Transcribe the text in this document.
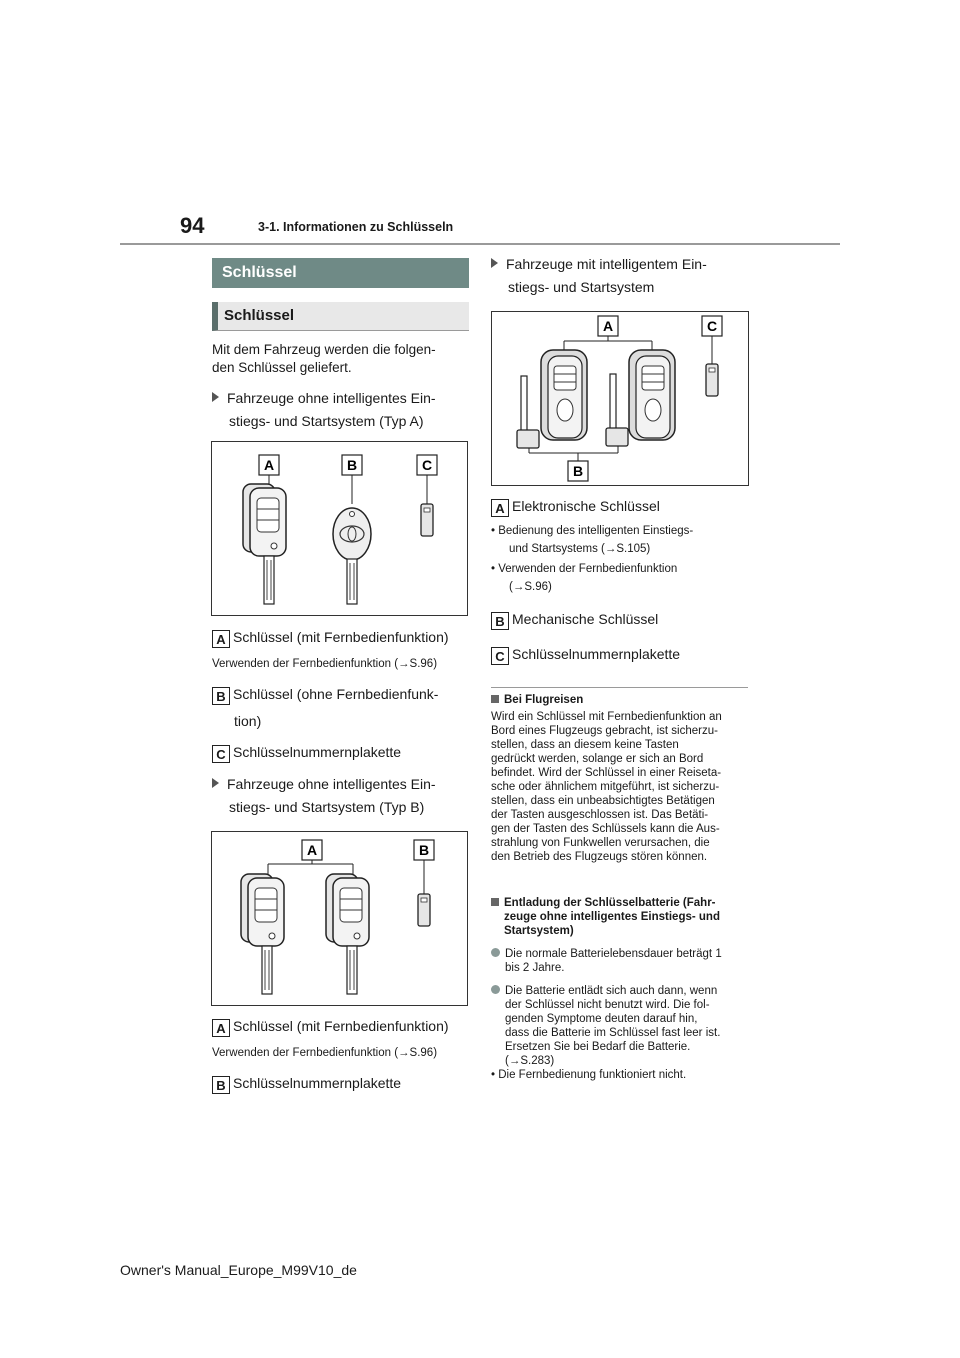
94	3-1. Informationen zu Schlüsseln
Schlüssel
Schlüssel
Mit dem Fahrzeug werden die folgen-
den Schlüssel geliefert.
Fahrzeuge ohne intelligentes Ein-
stiegs- und Startsystem (Typ A)
A	B	C
A Schlüssel (mit Fernbedienfunktion)
Verwenden der Fernbedienfunktion (→S.96)
B Schlüssel (ohne Fernbedienfunk-
tion)
C Schlüsselnummernplakette
Fahrzeuge ohne intelligentes Ein-
stiegs- und Startsystem (Typ B)
A	B
A Schlüssel (mit Fernbedienfunktion)
Verwenden der Fernbedienfunktion (→S.96)
B Schlüsselnummernplakette
Fahrzeuge mit intelligentem Ein-
stiegs- und Startsystem
A	C
B
A Elektronische Schlüssel
• Bedienung des intelligenten Einstiegs-
und Startsystems (→S.105)
• Verwenden der Fernbedienfunktion
(→S.96)
B Mechanische Schlüssel
C Schlüsselnummernplakette
Bei Flugreisen
Wird ein Schlüssel mit Fernbedienfunktion an
Bord eines Flugzeugs gebracht, ist sicherzu-
stellen, dass an diesem keine Tasten
gedrückt werden, solange er sich an Bord
befindet. Wird der Schlüssel in einer Reiseta-
sche oder ähnlichem mitgeführt, ist sicherzu-
stellen, dass ein unbeabsichtigtes Betätigen
der Tasten ausgeschlossen ist. Das Betäti-
gen der Tasten des Schlüssels kann die Aus-
strahlung von Funkwellen verursachen, die
den Betrieb des Flugzeugs stören können.
Entladung der Schlüsselbatterie (Fahr-
zeuge ohne intelligentes Einstiegs- und
Startsystem)
Die normale Batterielebensdauer beträgt 1
bis 2 Jahre.
Die Batterie entlädt sich auch dann, wenn
der Schlüssel nicht benutzt wird. Die fol-
genden Symptome deuten darauf hin,
dass die Batterie im Schlüssel fast leer ist.
Ersetzen Sie bei Bedarf die Batterie.
(→S.283)
• Die Fernbedienung funktioniert nicht.
Owner's Manual_Europe_M99V10_de
